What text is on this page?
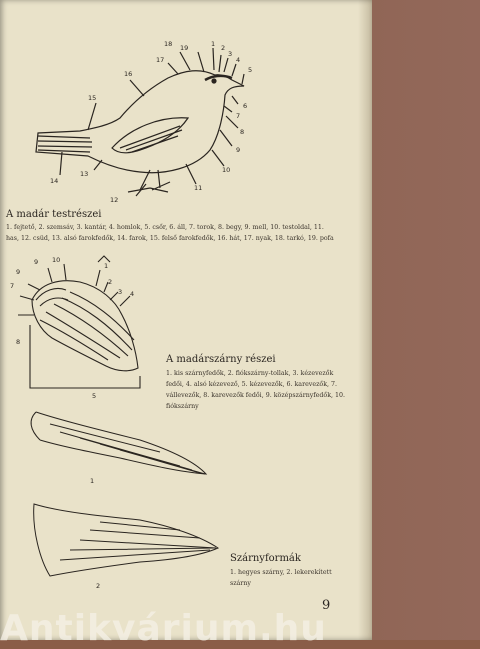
1 2
3
4
5
6
7
8
9
10
11
12
13
14
15
16
17
18 19
A madár testrészei
1. fejtető, 2. szemsáv, 3. kantár, 4. homlok, 5. csőr, 6. áll, 7. torok, 8. begy, 9. mell, 10. testoldal, 11. has, 12. csüd, 13. alsó farokfedők, 14. farok, 15. felső farokfedők, 16. hát, 17. nyak, 18. tarkó, 19. pofa
9
9 10
1
2
3 4
5
7
8
A madárszárny részei
1. kis szárnyfedők, 2. fiókszárny-tollak, 3. kézevezők fedői, 4. alsó kézevező, 5. kézevezők, 6. karevezők, 7. vállevezők, 8. karevezők fedői, 9. középszárnyfedők, 10. fiókszárny
1
2
Szárnyformák
1. hegyes szárny, 2. lekerekített szárny
9
Antikvárium.hu
